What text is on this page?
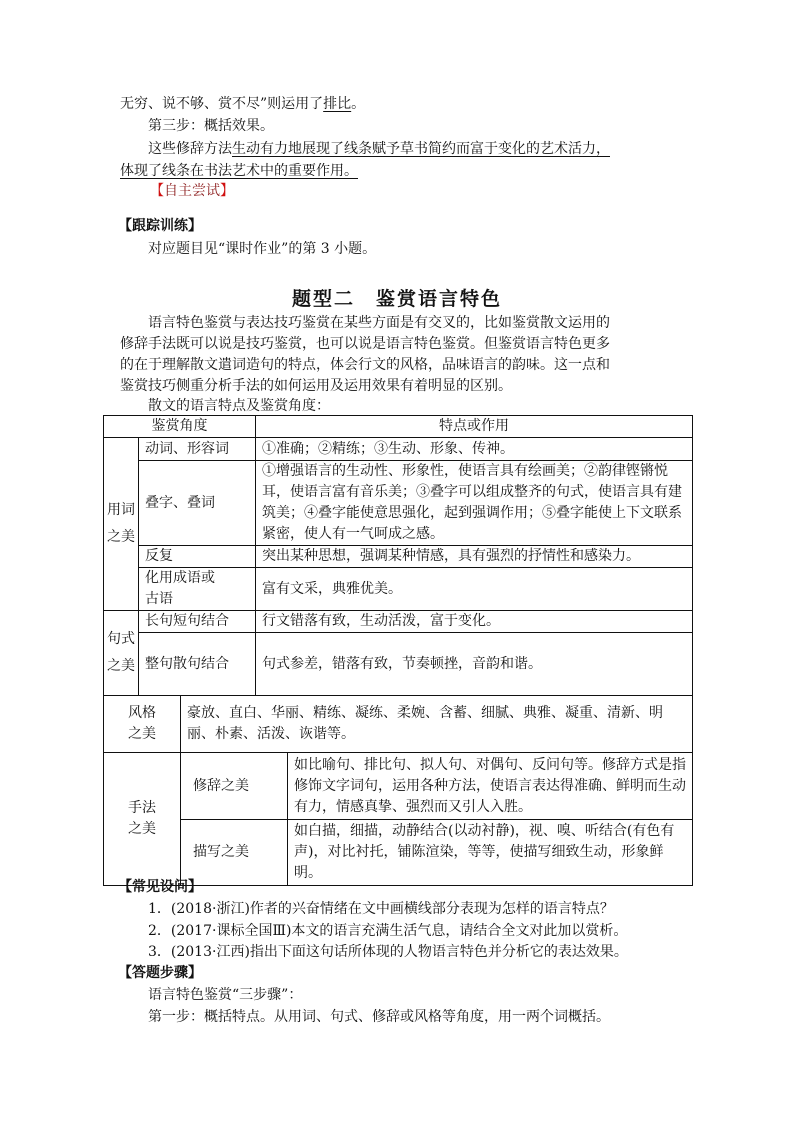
无穷、说不够、赏不尽”则运用了排比。
第三步：概括效果。
这些修辞方法生动有力地展现了线条赋予草书简约而富于变化的艺术活力，
体现了线条在书法艺术中的重要作用。
【自主尝试】
【跟踪训练】
对应题目见“课时作业”的第 3 小题。
题型二　鉴赏语言特色
语言特色鉴赏与表达技巧鉴赏在某些方面是有交叉的，比如鉴赏散文运用的
修辞手法既可以说是技巧鉴赏，也可以说是语言特色鉴赏。但鉴赏语言特色更多
的在于理解散文遣词造句的特点，体会行文的风格，品味语言的韵味。这一点和
鉴赏技巧侧重分析手法的如何运用及运用效果有着明显的区别。
散文的语言特点及鉴赏角度：
鉴赏角度			特点或作用	
用词之美	动词、形容词		①准确；②精练；③生动、形象、传神。	
	叠字、叠词		①增强语言的生动性、形象性，使语言具有绘画美；②韵律铿锵悦耳，使语言富有音乐美；③叠字可以组成整齐的句式，使语言具有建筑美；④叠字能使意思强化，起到强调作用；⑤叠字能使上下文联系紧密，使人有一气呵成之感。	
	反复		突出某种思想，强调某种情感，具有强烈的抒情性和感染力。	
	化用成语或古语		富有文采，典雅优美。	
句式之美	长句短句结合		行文错落有致，生动活泼，富于变化。	
	整句散句结合		句式参差，错落有致，节奏顿挫，音韵和谐。	
风格之美		豪放、直白、华丽、精练、凝练、柔婉、含蓄、细腻、典雅、凝重、清新、明丽、朴素、活泼、诙谐等。		
手法之美		修辞之美		如比喻句、排比句、拟人句、对偶句、反问句等。修辞方式是指修饰文字词句，运用各种方法，使语言表达得准确、鲜明而生动有力，情感真挚、强烈而又引人入胜。
		描写之美		如白描，细描，动静结合(以动衬静)，视、嗅、听结合(有色有声)，对比衬托，铺陈渲染，等等，使描写细致生动，形象鲜明。
【常见设问】
1．(2018·浙江)作者的兴奋情绪在文中画横线部分表现为怎样的语言特点？
2．(2017·课标全国Ⅲ)本文的语言充满生活气息，请结合全文对此加以赏析。
3．(2013·江西)指出下面这句话所体现的人物语言特色并分析它的表达效果。
【答题步骤】
语言特色鉴赏“三步骤”：
第一步：概括特点。从用词、句式、修辞或风格等角度，用一两个词概括。
